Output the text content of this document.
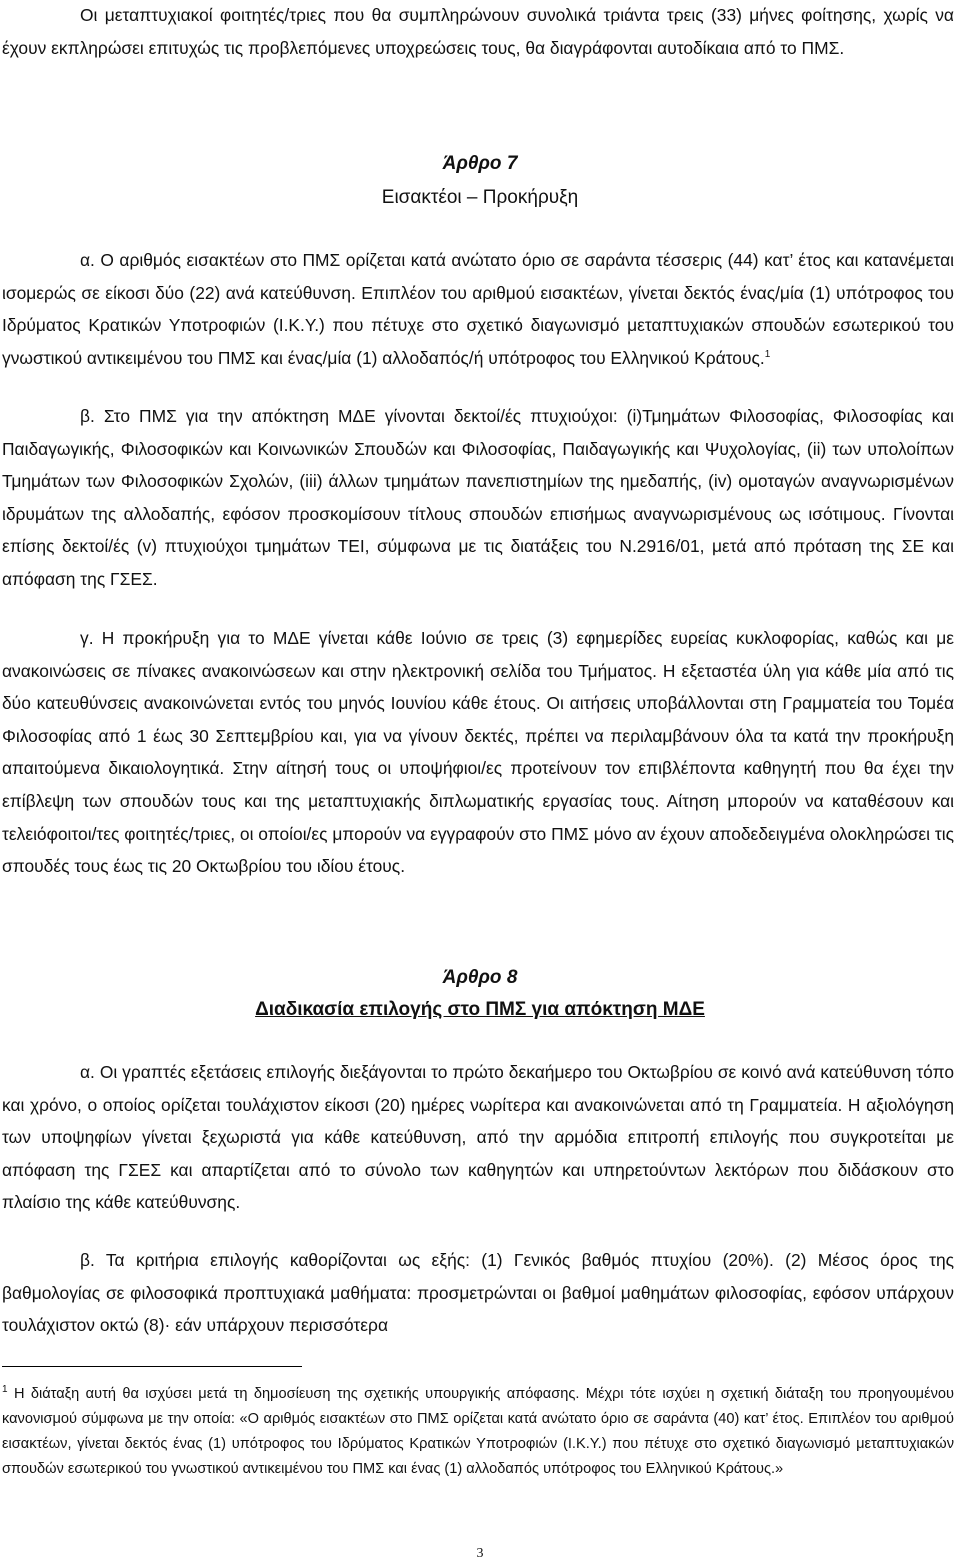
Οι μεταπτυχιακοί φοιτητές/τριες που θα συμπληρώνουν συνολικά τριάντα τρεις (33) μήνες φοίτησης, χωρίς να έχουν εκπληρώσει επιτυχώς τις προβλεπόμενες υποχρεώσεις τους, θα διαγράφονται αυτοδίκαια από το ΠΜΣ.

Άρθρο 7
Εισακτέοι – Προκήρυξη

α. Ο αριθμός εισακτέων στο ΠΜΣ ορίζεται κατά ανώτατο όριο σε σαράντα τέσσερις (44) κατ’ έτος και κατανέμεται ισομερώς σε είκοσι δύο (22) ανά κατεύθυνση. Επιπλέον του αριθμού εισακτέων, γίνεται δεκτός ένας/μία (1) υπότροφος του Ιδρύματος Κρατικών Υποτροφιών (Ι.Κ.Υ.) που πέτυχε στο σχετικό διαγωνισμό μεταπτυχιακών σπουδών εσωτερικού του γνωστικού αντικειμένου του ΠΜΣ και ένας/μία (1) αλλοδαπός/ή υπότροφος του Ελληνικού Κράτους.$^1$

β. Στο ΠΜΣ για την απόκτηση ΜΔΕ γίνονται δεκτοί/ές πτυχιούχοι: (i)Τμημάτων Φιλοσοφίας, Φιλοσοφίας και Παιδαγωγικής, Φιλοσοφικών και Κοινωνικών Σπουδών και Φιλοσοφίας, Παιδαγωγικής και Ψυχολογίας, (ii) των υπολοίπων Τμημάτων των Φιλοσοφικών Σχολών, (iii) άλλων τμημάτων πανεπιστημίων της ημεδαπής, (iv) ομοταγών αναγνωρισμένων ιδρυμάτων της αλλοδαπής, εφόσον προσκομίσουν τίτλους σπουδών επισήμως αναγνωρισμένους ως ισότιμους. Γίνονται επίσης δεκτοί/ές (v) πτυχιούχοι τμημάτων ΤΕΙ, σύμφωνα με τις διατάξεις του Ν.2916/01, μετά από πρόταση της ΣΕ και απόφαση της ΓΣΕΣ.

γ. Η προκήρυξη για το ΜΔΕ γίνεται κάθε Ιούνιο σε τρεις (3) εφημερίδες ευρείας κυκλοφορίας, καθώς και με ανακοινώσεις σε πίνακες ανακοινώσεων και στην ηλεκτρονική σελίδα του Τμήματος. Η εξεταστέα ύλη για κάθε μία από τις δύο κατευθύνσεις ανακοινώνεται εντός του μηνός Ιουνίου κάθε έτους. Οι αιτήσεις υποβάλλονται στη Γραμματεία του Τομέα Φιλοσοφίας από 1 έως 30 Σεπτεμβρίου και, για να γίνουν δεκτές, πρέπει να περιλαμβάνουν όλα τα κατά την προκήρυξη απαιτούμενα δικαιολογητικά. Στην αίτησή τους οι υποψήφιοι/ες προτείνουν τον επιβλέποντα καθηγητή που θα έχει την επίβλεψη των σπουδών τους και της μεταπτυχιακής διπλωματικής εργασίας τους. Αίτηση μπορούν να καταθέσουν και τελειόφοιτοι/τες φοιτητές/τριες, οι οποίοι/ες μπορούν να εγγραφούν στο ΠΜΣ μόνο αν έχουν αποδεδειγμένα ολοκληρώσει τις σπουδές τους έως τις 20 Οκτωβρίου του ιδίου έτους.

Άρθρο 8
Διαδικασία επιλογής στο ΠΜΣ για απόκτηση ΜΔΕ

α. Οι γραπτές εξετάσεις επιλογής διεξάγονται το πρώτο δεκαήμερο του Οκτωβρίου σε κοινό ανά κατεύθυνση τόπο και χρόνο, ο οποίος ορίζεται τουλάχιστον είκοσι (20) ημέρες νωρίτερα και ανακοινώνεται από τη Γραμματεία. Η αξιολόγηση των υποψηφίων γίνεται ξεχωριστά για κάθε κατεύθυνση, από την αρμόδια επιτροπή επιλογής που συγκροτείται με απόφαση της ΓΣΕΣ και απαρτίζεται από το σύνολο των καθηγητών και υπηρετούντων λεκτόρων που διδάσκουν στο πλαίσιο της κάθε κατεύθυνσης.

β. Τα κριτήρια επιλογής καθορίζονται ως εξής: (1) Γενικός βαθμός πτυχίου (20%). (2) Μέσος όρος της βαθμολογίας σε φιλοσοφικά προπτυχιακά μαθήματα: προσμετρώνται οι βαθμοί μαθημάτων φιλοσοφίας, εφόσον υπάρχουν τουλάχιστον οκτώ (8)· εάν υπάρχουν περισσότερα

$^1$ Η διάταξη αυτή θα ισχύσει μετά τη δημοσίευση της σχετικής υπουργικής απόφασης. Μέχρι τότε ισχύει η σχετική διάταξη του προηγουμένου κανονισμού σύμφωνα με την οποία: «Ο αριθμός εισακτέων στο ΠΜΣ ορίζεται κατά ανώτατο όριο σε σαράντα (40) κατ’ έτος. Επιπλέον του αριθμού εισακτέων, γίνεται δεκτός ένας (1) υπότροφος του Ιδρύματος Κρατικών Υποτροφιών (Ι.Κ.Υ.) που πέτυχε στο σχετικό διαγωνισμό μεταπτυχιακών σπουδών εσωτερικού του γνωστικού αντικειμένου του ΠΜΣ και ένας (1) αλλοδαπός υπότροφος του Ελληνικού Κράτους.»

3
